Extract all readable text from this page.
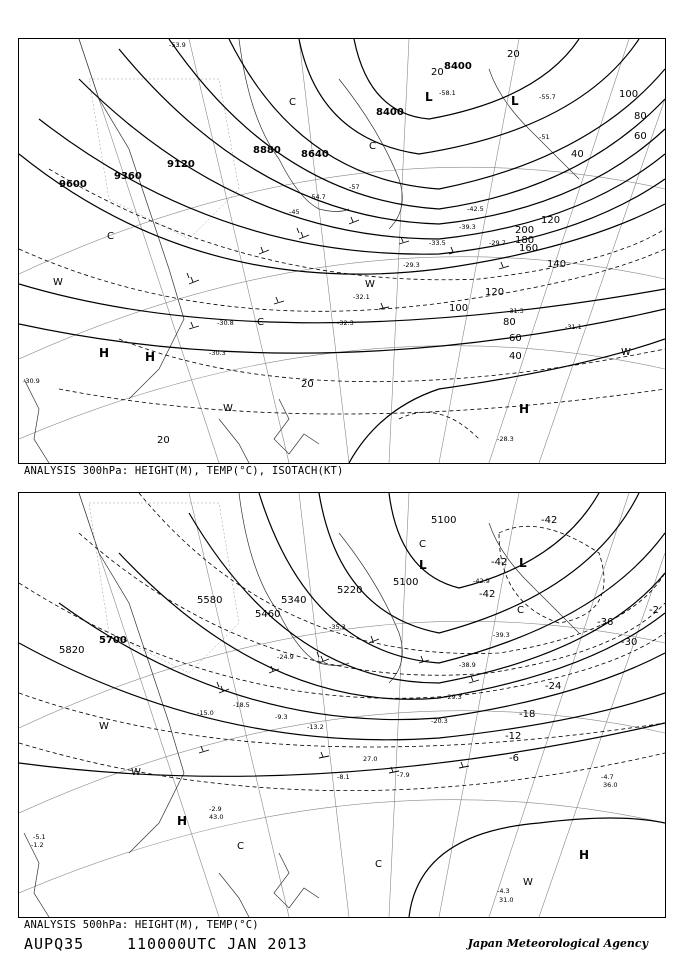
9600
9360
9120
8880 8640
8400
8400
20
40
60
80
100
120
140
160
180
200
120
100
80
60
40
20
20
20
L	L
H	H
H
C
C
C
C
W	W
W
W
-31.3
-31.1
-28.3
-30.3
-30.9
-32.1
-45
-51
-57
-55.7
-53.9
-54.7
-58.1
-42.5
-39.3
-33.5	-29.7
-30.8	-32.3
-29.3
ANALYSIS 300hPa: HEIGHT(M), TEMP(°C), ISOTACH(KT)
5820
5700
5580
5460
5340
5220
5100
5100
-42
-42
-42
-36
-30
-24
-18
-12
-6
-2
L	L
H
H
C
C
C
C
W
W
W
-42.9
-39.3
-38.9
-35.3
-29.3
-24.9
-20.3
-18.5
-15.0
-13.2
-9.3
-8.1	-7.9
-5.1
-4.7
-4.3
-2.9
-1.2
31.0
36.0
43.0
27.0
ANALYSIS 500hPa: HEIGHT(M), TEMP(°C)
AUPQ35	110000UTC JAN 2013	Japan Meteorological Agency
